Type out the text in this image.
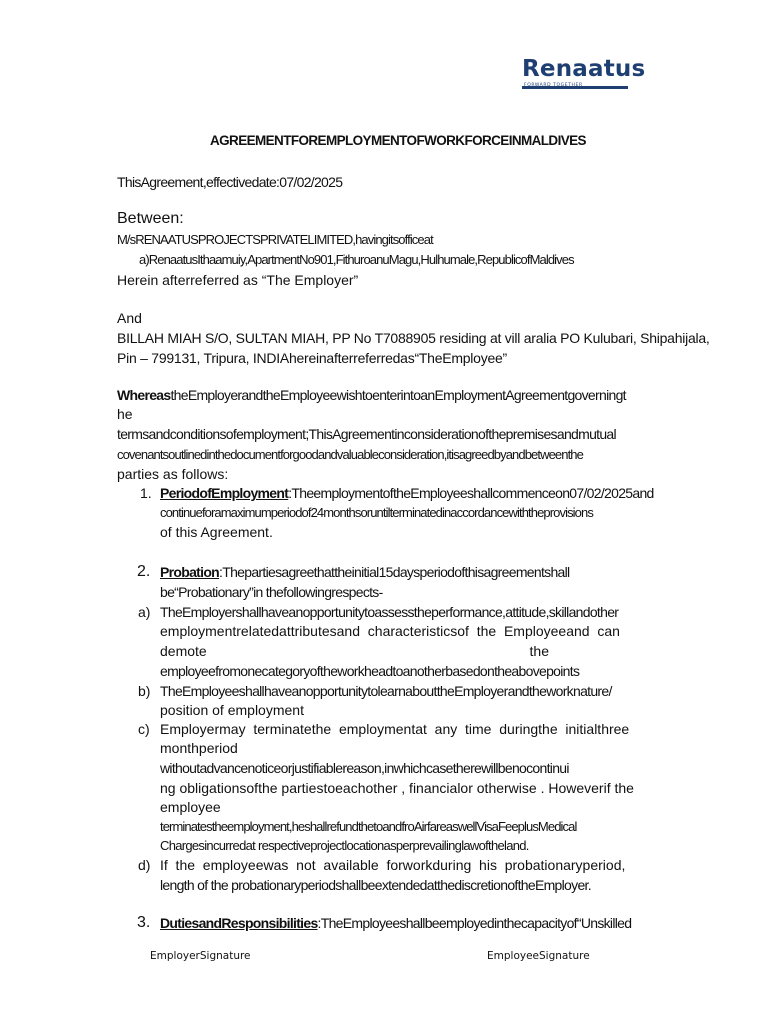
Renaatus
AGREEMENTFOREMPLOYMENTOFWORKFORCEINMALDIVES
ThisAgreement,effectivedate:07/02/2025
Between:
M/sRENAATUSPROJECTSPRIVATELIMITED,havingitsofficeat
a)RenaatusIthaamuiy,ApartmentNo901,FithuroanuMagu,Hulhumale,RepublicofMaldives
Herein afterreferred as “The Employer”
And
BILLAH MIAH S/O, SULTAN MIAH, PP No T7088905 residing at vill aralia PO Kulubari, Shipahijala,
Pin – 799131, Tripura, INDIAhereinafterreferredas“TheEmployee”
WhereastheEmployerandtheEmployeewishtoenterintoanEmploymentAgreementgoverningt
he
termsandconditionsofemployment;ThisAgreementinconsiderationofthepremisesandmutual
covenantsoutlinedinthedocumentforgoodandvaluableconsideration,itisagreedbyandbetweenthe
parties as follows:
1. PeriodofEmployment:TheemploymentoftheEmployeeshallcommenceon07/02/2025and
continueforamaximumperiodof24monthsoruntilterminatedinaccordancewiththeprovisions
of this Agreement.
2. Probation:Thepartiesagreethattheinitial15daysperiodofthisagreementshall
be“Probationary”in thefollowingrespects-
a) TheEmployershallhaveanopportunitytoassesstheperformance,attitude,skillandother
employmentrelatedattributesand  characteristicsof  the  Employeeand  can
demote                                                                                   the
employeefromonecategoryoftheworkheadtoanotherbasedontheabovepoints
b) TheEmployeeshallhaveanopportunitytolearnabouttheEmployerandtheworknature/
position of employment
c) Employermay  terminatethe  employmentat  any  time  duringthe  initialthree
monthperiod
withoutadvancenoticeorjustifiablereason,inwhichcasetherewillbenocontinui
ng obligationsofthe partiestoeachother , financialor otherwise . Howeverif the
employee
terminatestheemployment,heshallrefundthetoandfroAirfareaswellVisaFeeplusMedical
Chargesincurredat respectiveprojectlocationasperprevailinglawoftheland.
d) If  the  employeewas  not  available  forworkduring  his  probationaryperiod,
length of the probationaryperiodshallbeextendedatthediscretionoftheEmployer.
3. DutiesandResponsibilities:TheEmployeeshallbeemployedinthecapacityof“Unskilled
EmployerSignature	EmployeeSignature
